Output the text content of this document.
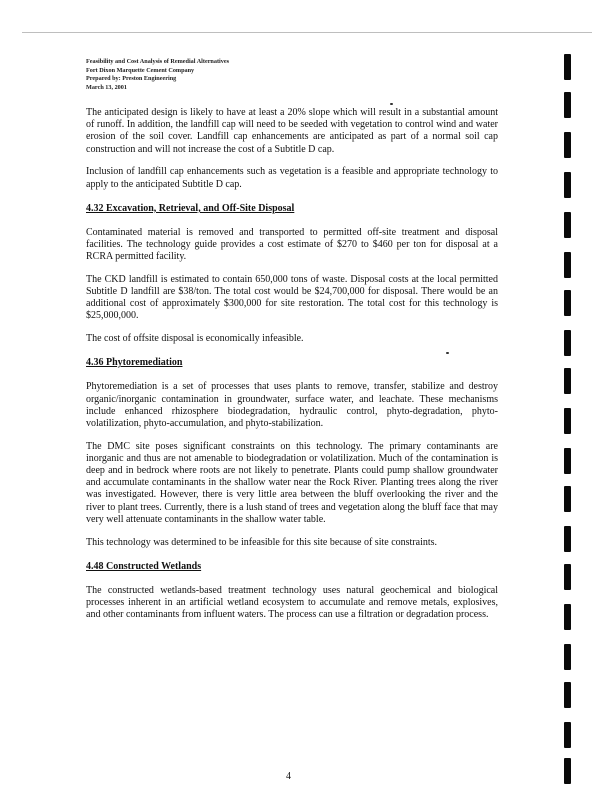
Feasibility and Cost Analysis of Remedial Alternatives
Fort Dixon Marquette Cement Company
Prepared by: Preston Engineering
March 13, 2001

The anticipated design is likely to have at least a 20% slope which will result in a substantial amount of runoff. In addition, the landfill cap will need to be seeded with vegetation to control wind and water erosion of the soil cover. Landfill cap enhancements are anticipated as part of a normal soil cap construction and will not increase the cost of a Subtitle D cap.

Inclusion of landfill cap enhancements such as vegetation is a feasible and appropriate technology to apply to the anticipated Subtitle D cap.

4.32 Excavation, Retrieval, and Off-Site Disposal

Contaminated material is removed and transported to permitted off-site treatment and disposal facilities. The technology guide provides a cost estimate of $270 to $460 per ton for disposal at a RCRA permitted facility.

The CKD landfill is estimated to contain 650,000 tons of waste. Disposal costs at the local permitted Subtitle D landfill are $38/ton. The total cost would be $24,700,000 for disposal. There would be an additional cost of approximately $300,000 for site restoration. The total cost for this technology is $25,000,000.

The cost of offsite disposal is economically infeasible.

4.36 Phytoremediation

Phytoremediation is a set of processes that uses plants to remove, transfer, stabilize and destroy organic/inorganic contamination in groundwater, surface water, and leachate. These mechanisms include enhanced rhizosphere biodegradation, hydraulic control, phyto-degradation, phyto-volatilization, phyto-accumulation, and phyto-stabilization.

The DMC site poses significant constraints on this technology. The primary contaminants are inorganic and thus are not amenable to biodegradation or volatilization. Much of the contamination is deep and in bedrock where roots are not likely to penetrate. Plants could pump shallow groundwater and accumulate contaminants in the shallow water near the Rock River. Planting trees along the river was investigated. However, there is very little area between the bluff overlooking the river and the river to plant trees. Currently, there is a lush stand of trees and vegetation along the bluff face that may very well attenuate contaminants in the shallow water table.

This technology was determined to be infeasible for this site because of site constraints.

4.48 Constructed Wetlands

The constructed wetlands-based treatment technology uses natural geochemical and biological processes inherent in an artificial wetland ecosystem to accumulate and remove metals, explosives, and other contaminants from influent waters. The process can use a filtration or degradation process.

4
